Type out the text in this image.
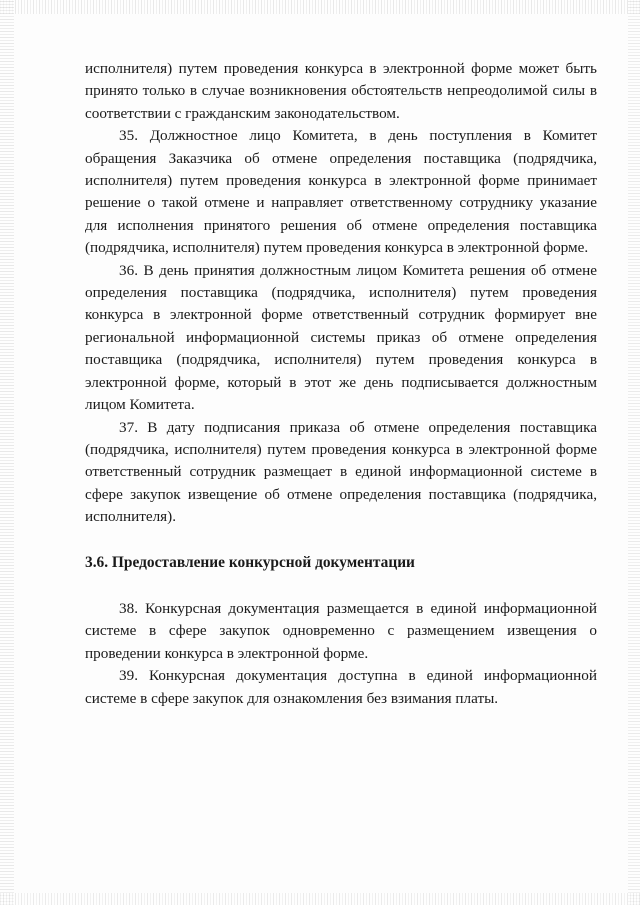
исполнителя) путем проведения конкурса в электронной форме может быть принято только в случае возникновения обстоятельств непреодолимой силы в соответствии с гражданским законодательством.

35. Должностное лицо Комитета, в день поступления в Комитет обращения Заказчика об отмене определения поставщика (подрядчика, исполнителя) путем проведения конкурса в электронной форме принимает решение о такой отмене и направляет ответственному сотруднику указание для исполнения принятого решения об отмене определения поставщика (подрядчика, исполнителя) путем проведения конкурса в электронной форме.

36. В день принятия должностным лицом Комитета решения об отмене определения поставщика (подрядчика, исполнителя) путем проведения конкурса в электронной форме ответственный сотрудник формирует вне региональной информационной системы приказ об отмене определения поставщика (подрядчика, исполнителя) путем проведения конкурса в электронной форме, который в этот же день подписывается должностным лицом Комитета.

37. В дату подписания приказа об отмене определения поставщика (подрядчика, исполнителя) путем проведения конкурса в электронной форме ответственный сотрудник размещает в единой информационной системе в сфере закупок извещение об отмене определения поставщика (подрядчика, исполнителя).

3.6. Предоставление конкурсной документации

38. Конкурсная документация размещается в единой информационной системе в сфере закупок одновременно с размещением извещения о проведении конкурса в электронной форме.

39. Конкурсная документация доступна в единой информационной системе в сфере закупок для ознакомления без взимания платы.
